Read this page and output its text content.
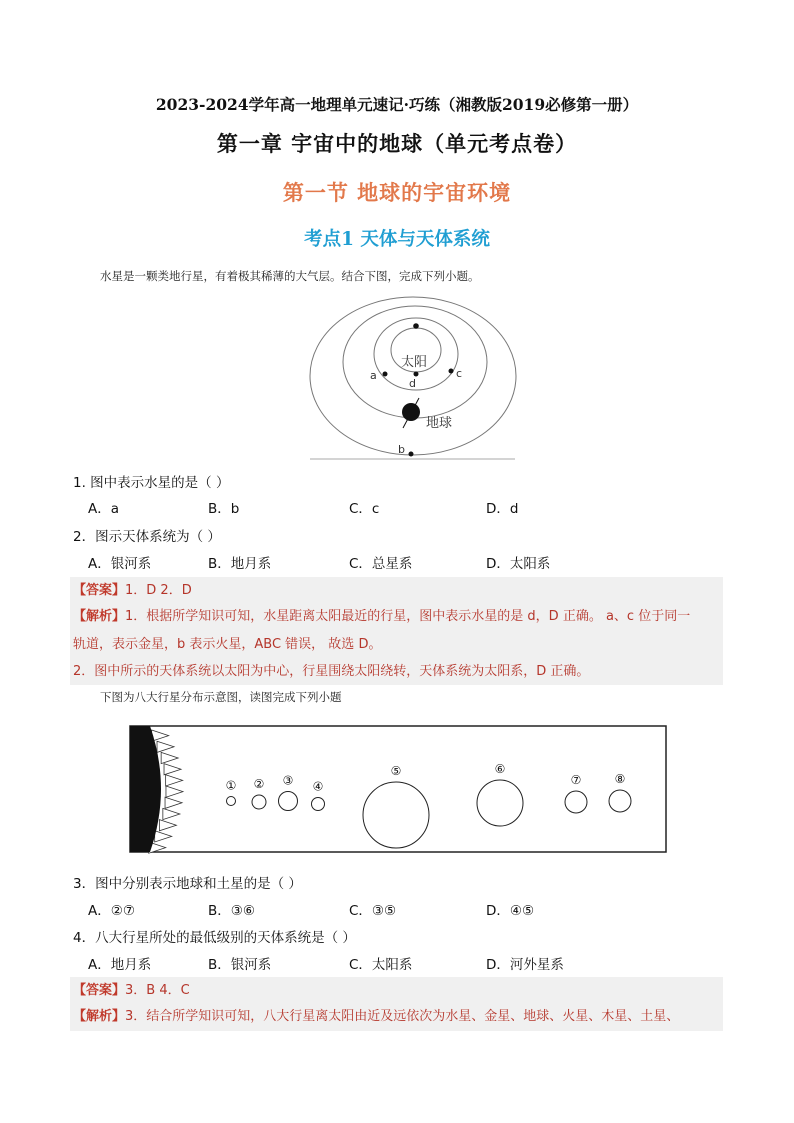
2023-2024学年高一地理单元速记·巧练（湘教版2019必修第一册）
第一章 宇宙中的地球（单元考点卷）
第一节 地球的宇宙环境
考点1 天体与天体系统
水星是一颗类地行星，有着极其稀薄的大气层。结合下图，完成下列小题。
太阳
d
a	c
地球
b
1. 图中表示水星的是（ ）
A．a	B．b	C．c	D．d
2．图示天体系统为（ ）
A．银河系	B．地月系	C．总星系	D．太阳系
【答案】1．D 2．D
【解析】1．根据所学知识可知，水星距离太阳最近的行星，图中表示水星的是 d，D 正确。 a、c 位于同一
轨道，表示金星，b 表示火星，ABC 错误， 故选 D。
2．图中所示的天体系统以太阳为中心，行星围绕太阳绕转，天体系统为太阳系，D 正确。
下图为八大行星分布示意图，读图完成下列小题
① ② ③ ④
⑤	⑥
⑦	⑧
3．图中分别表示地球和土星的是（ ）
A．②⑦	B．③⑥	C．③⑤	D．④⑤
4．八大行星所处的最低级别的天体系统是（ ）
A．地月系	B．银河系	C．太阳系	D．河外星系
【答案】3．B 4．C
【解析】3．结合所学知识可知，八大行星离太阳由近及远依次为水星、金星、地球、火星、木星、土星、
